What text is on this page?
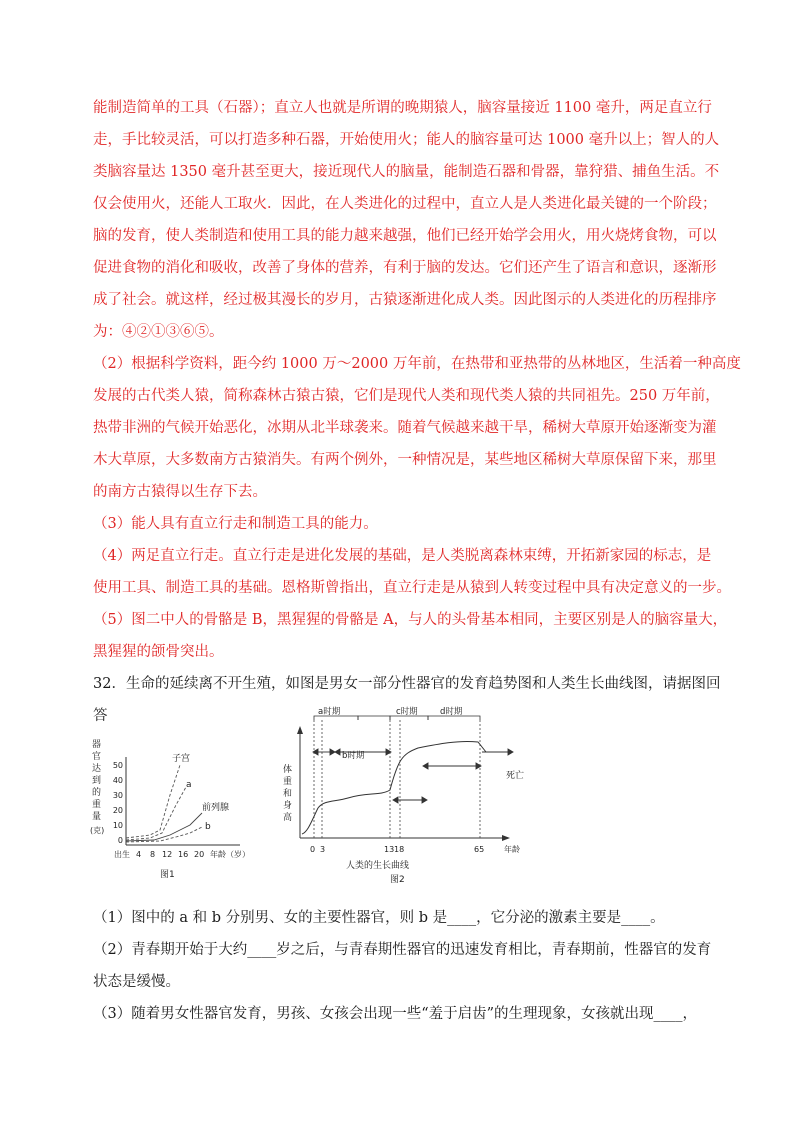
能制造简单的工具（石器）；直立人也就是所谓的晚期猿人，脑容量接近 1100 毫升，两足直立行
走，手比较灵活，可以打造多种石器，开始使用火；能人的脑容量可达 1000 毫升以上；智人的人
类脑容量达 1350 毫升甚至更大，接近现代人的脑量，能制造石器和骨器，靠狩猎、捕鱼生活。不
仅会使用火，还能人工取火．因此，在人类进化的过程中，直立人是人类进化最关键的一个阶段；
脑的发育，使人类制造和使用工具的能力越来越强，他们已经开始学会用火，用火烧烤食物，可以
促进食物的消化和吸收，改善了身体的营养，有利于脑的发达。它们还产生了语言和意识，逐渐形
成了社会。就这样，经过极其漫长的岁月，古猿逐渐进化成人类。因此图示的人类进化的历程排序
为：④②①③⑥⑤。
（2）根据科学资料，距今约 1000 万～2000 万年前，在热带和亚热带的丛林地区，生活着一种高度
发展的古代类人猿，简称森林古猿古猿，它们是现代人类和现代类人猿的共同祖先。250 万年前，
热带非洲的气候开始恶化，冰期从北半球袭来。随着气候越来越干旱，稀树大草原开始逐渐变为灌
木大草原，大多数南方古猿消失。有两个例外，一种情况是，某些地区稀树大草原保留下来，那里
的南方古猿得以生存下去。
（3）能人具有直立行走和制造工具的能力。
（4）两足直立行走。直立行走是进化发展的基础，是人类脱离森林束缚，开拓新家园的标志，是
使用工具、制造工具的基础。恩格斯曾指出，直立行走是从猿到人转变过程中具有决定意义的一步。
（5）图二中人的骨骼是 B，黑猩猩的骨骼是 A，与人的头骨基本相同，主要区别是人的脑容量大，
黑猩猩的颌骨突出。
32．生命的延续离不开生殖，如图是男女一部分性器官的发育趋势图和人类生长曲线图，请据图回
答
器
官
达
到
的
重
量
(克)
50
40
30
20
10
0
出生 4 8 12 16 20 年龄（岁）
子宫
a
前列腺
b
图1
a时期	c时期	d时期
体
重
和
身
高
b时期
死亡
0 3	13 18	65 年龄
人类的生长曲线
图2
（1）图中的 a 和 b 分别男、女的主要性器官，则 b 是____，它分泌的激素主要是____。
（2）青春期开始于大约____岁之后，与青春期性器官的迅速发育相比，青春期前，性器官的发育
状态是缓慢。
（3）随着男女性器官发育，男孩、女孩会出现一些“羞于启齿”的生理现象，女孩就出现____，
